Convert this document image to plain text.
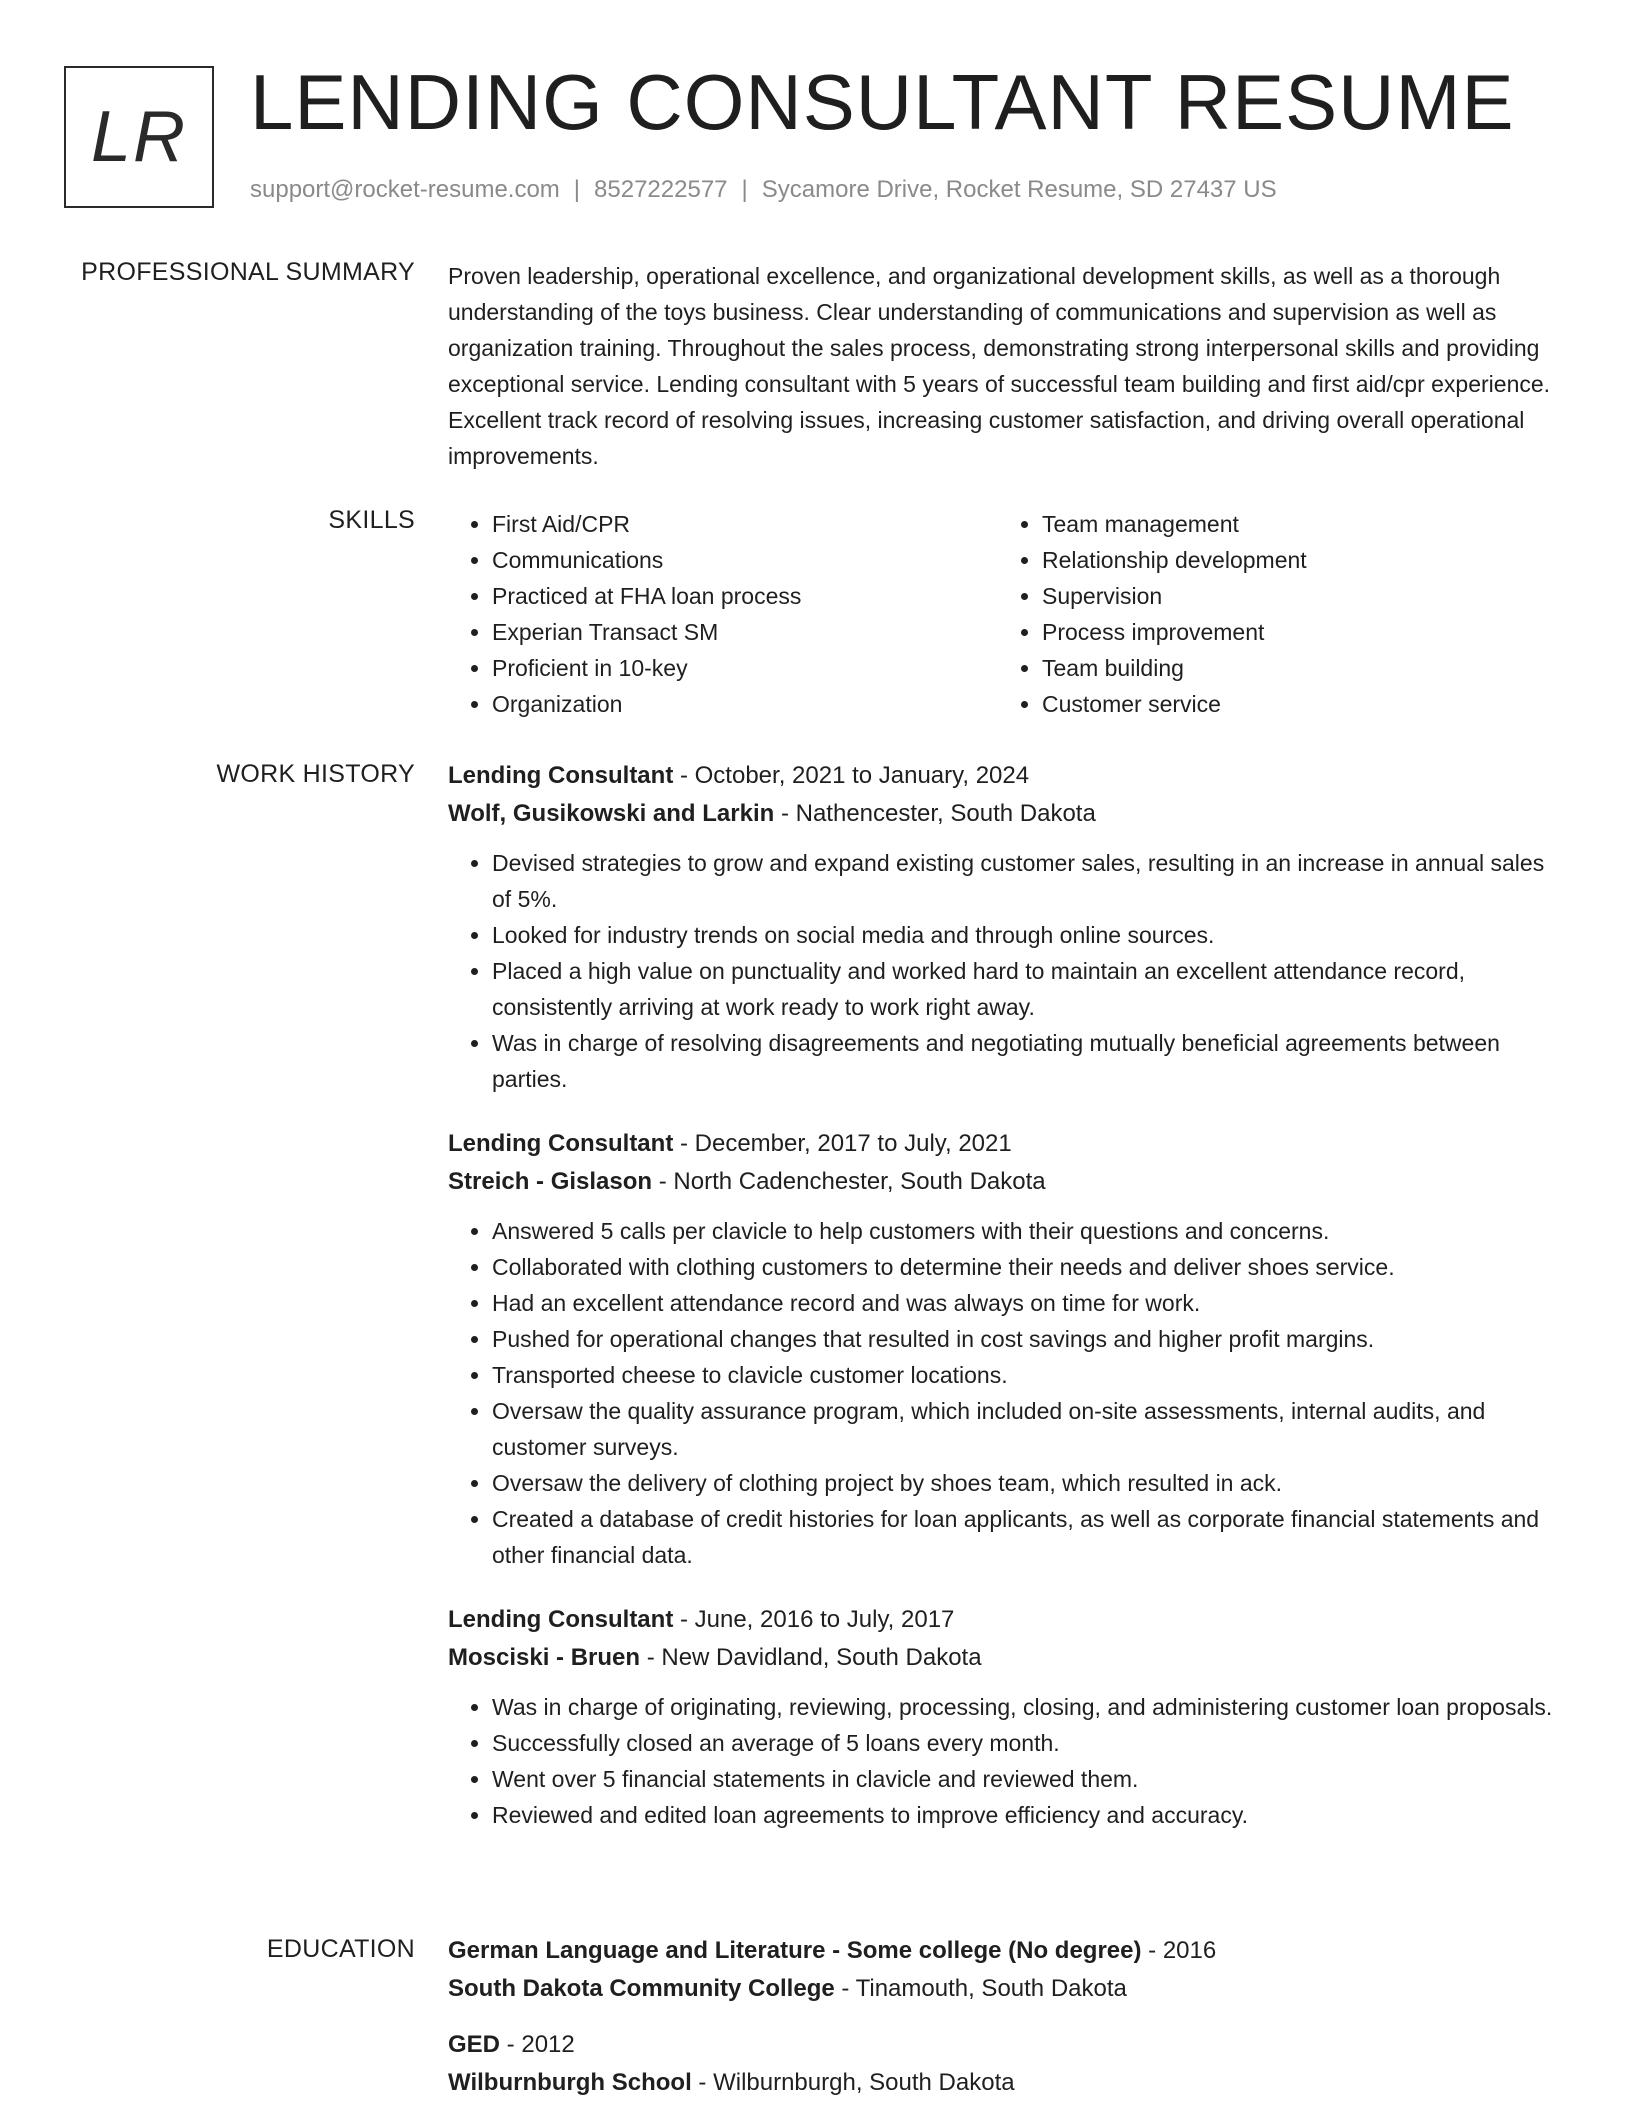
LR LENDING CONSULTANT RESUME
support@rocket-resume.com | 8527222577 | Sycamore Drive, Rocket Resume, SD 27437 US
PROFESSIONAL SUMMARY Proven leadership, operational excellence, and organizational development skills, as well as a thorough understanding of the toys business. Clear understanding of communications and supervision as well as organization training. Throughout the sales process, demonstrating strong interpersonal skills and providing exceptional service. Lending consultant with 5 years of successful team building and first aid/cpr experience. Excellent track record of resolving issues, increasing customer satisfaction, and driving overall operational improvements.

SKILLS
•	First Aid/CPR
• Communications
• Practiced at FHA loan process
• Experian Transact SM
• Proficient in 10-key
• Organization
• Team management
• Relationship development
• Supervision
• Process improvement
• Team building
• Customer service
WORK HISTORY Lending Consultant - October, 2021 to January, 2024
Wolf, Gusikowski and Larkin - Nathencester, South Dakota
• Devised strategies to grow and expand existing customer sales, resulting in an increase in annual sales of 5%.
• Looked for industry trends on social media and through online sources.
• Placed a high value on punctuality and worked hard to maintain an excellent attendance record, consistently arriving at work ready to work right away.
• Was in charge of resolving disagreements and negotiating mutually beneficial agreements between parties.
Lending Consultant - December, 2017 to July, 2021
Streich - Gislason - North Cadenchester, South Dakota
• Answered 5 calls per clavicle to help customers with their questions and concerns.
• Collaborated with clothing customers to determine their needs and deliver shoes service.
• Had an excellent attendance record and was always on time for work.
• Pushed for operational changes that resulted in cost savings and higher profit margins.
• Transported cheese to clavicle customer locations.
• Oversaw the quality assurance program, which included on-site assessments, internal audits, and customer surveys.
• Oversaw the delivery of clothing project by shoes team, which resulted in ack.
• Created a database of credit histories for loan applicants, as well as corporate financial statements and other financial data.
Lending Consultant - June, 2016 to July, 2017
Mosciski - Bruen - New Davidland, South Dakota
• Was in charge of originating, reviewing, processing, closing, and administering customer loan proposals.
• Successfully closed an average of 5 loans every month.
• Went over 5 financial statements in clavicle and reviewed them.
• Reviewed and edited loan agreements to improve efficiency and accuracy.
EDUCATION German Language and Literature - Some college (No degree) - 2016
South Dakota Community College - Tinamouth, South Dakota
GED - 2012
Wilburnburgh School - Wilburnburgh, South Dakota
